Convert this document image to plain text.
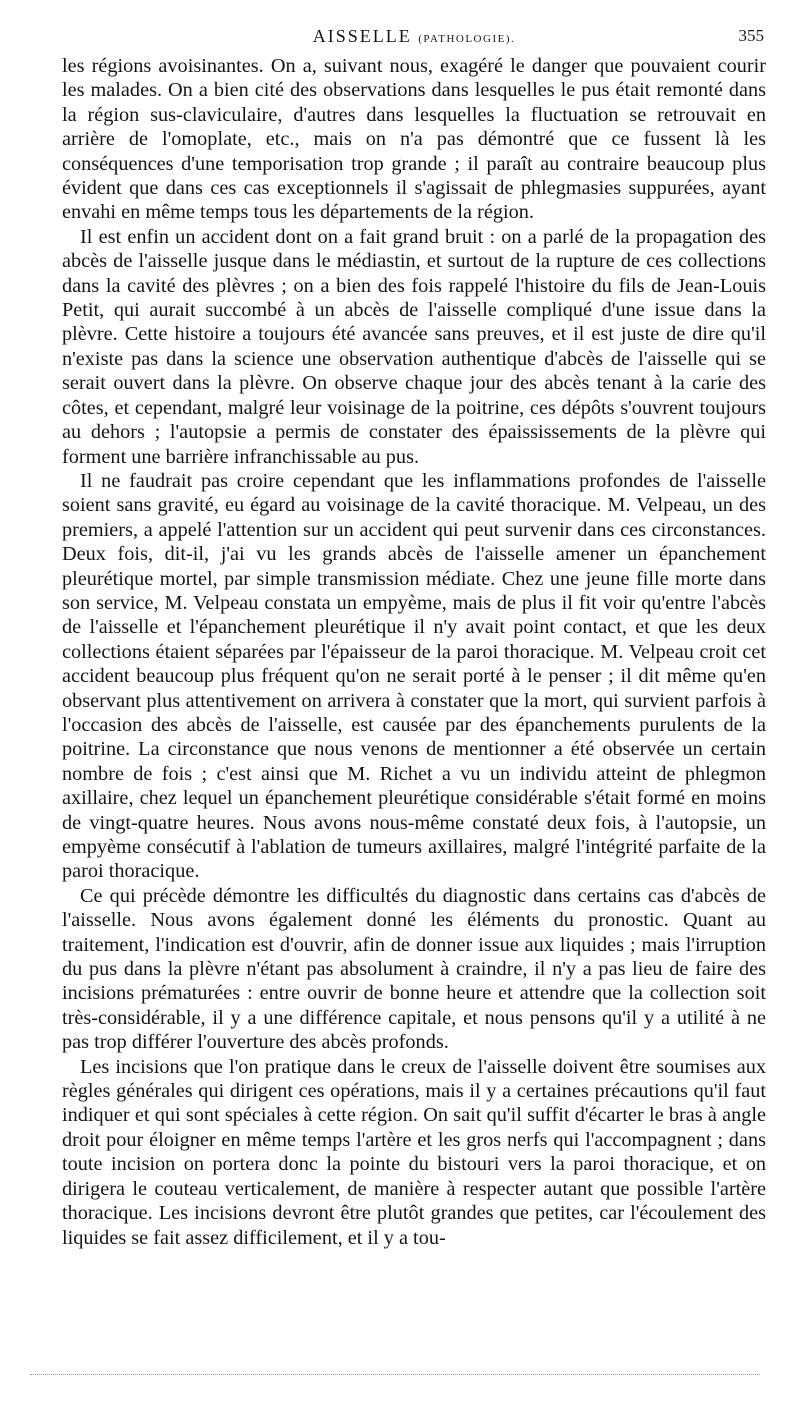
AISSELLE (PATHOLOGIE).	355

les régions avoisinantes. On a, suivant nous, exagéré le danger que pouvaient courir les malades. On a bien cité des observations dans lesquelles le pus était remonté dans la région sus-claviculaire, d'autres dans lesquelles la fluctuation se retrouvait en arrière de l'omoplate, etc., mais on n'a pas démontré que ce fussent là les conséquences d'une temporisation trop grande ; il paraît au contraire beaucoup plus évident que dans ces cas exceptionnels il s'agissait de phlegmasies suppurées, ayant envahi en même temps tous les départements de la région.

Il est enfin un accident dont on a fait grand bruit : on a parlé de la propagation des abcès de l'aisselle jusque dans le médiastin, et surtout de la rupture de ces collections dans la cavité des plèvres ; on a bien des fois rappelé l'histoire du fils de Jean-Louis Petit, qui aurait succombé à un abcès de l'aisselle compliqué d'une issue dans la plèvre. Cette histoire a toujours été avancée sans preuves, et il est juste de dire qu'il n'existe pas dans la science une observation authentique d'abcès de l'aisselle qui se serait ouvert dans la plèvre. On observe chaque jour des abcès tenant à la carie des côtes, et cependant, malgré leur voisinage de la poitrine, ces dépôts s'ouvrent toujours au dehors ; l'autopsie a permis de constater des épaississements de la plèvre qui forment une barrière infranchissable au pus.

Il ne faudrait pas croire cependant que les inflammations profondes de l'aisselle soient sans gravité, eu égard au voisinage de la cavité thoracique. M. Velpeau, un des premiers, a appelé l'attention sur un accident qui peut survenir dans ces circonstances. Deux fois, dit-il, j'ai vu les grands abcès de l'aisselle amener un épanchement pleurétique mortel, par simple transmission médiate. Chez une jeune fille morte dans son service, M. Velpeau constata un empyème, mais de plus il fit voir qu'entre l'abcès de l'aisselle et l'épanchement pleurétique il n'y avait point contact, et que les deux collections étaient séparées par l'épaisseur de la paroi thoracique. M. Velpeau croit cet accident beaucoup plus fréquent qu'on ne serait porté à le penser ; il dit même qu'en observant plus attentivement on arrivera à constater que la mort, qui survient parfois à l'occasion des abcès de l'aisselle, est causée par des épanchements purulents de la poitrine. La circonstance que nous venons de mentionner a été observée un certain nombre de fois ; c'est ainsi que M. Richet a vu un individu atteint de phlegmon axillaire, chez lequel un épanchement pleurétique considérable s'était formé en moins de vingt-quatre heures. Nous avons nous-même constaté deux fois, à l'autopsie, un empyème consécutif à l'ablation de tumeurs axillaires, malgré l'intégrité parfaite de la paroi thoracique.

Ce qui précède démontre les difficultés du diagnostic dans certains cas d'abcès de l'aisselle. Nous avons également donné les éléments du pronostic. Quant au traitement, l'indication est d'ouvrir, afin de donner issue aux liquides ; mais l'irruption du pus dans la plèvre n'étant pas absolument à craindre, il n'y a pas lieu de faire des incisions prématurées : entre ouvrir de bonne heure et attendre que la collection soit très-considérable, il y a une différence capitale, et nous pensons qu'il y a utilité à ne pas trop différer l'ouverture des abcès profonds.

Les incisions que l'on pratique dans le creux de l'aisselle doivent être soumises aux règles générales qui dirigent ces opérations, mais il y a certaines précautions qu'il faut indiquer et qui sont spéciales à cette région. On sait qu'il suffit d'écarter le bras à angle droit pour éloigner en même temps l'artère et les gros nerfs qui l'accompagnent ; dans toute incision on portera donc la pointe du bistouri vers la paroi thoracique, et on dirigera le couteau verticalement, de manière à respecter autant que possible l'artère thoracique. Les incisions devront être plutôt grandes que petites, car l'écoulement des liquides se fait assez difficilement, et il y a tou-
